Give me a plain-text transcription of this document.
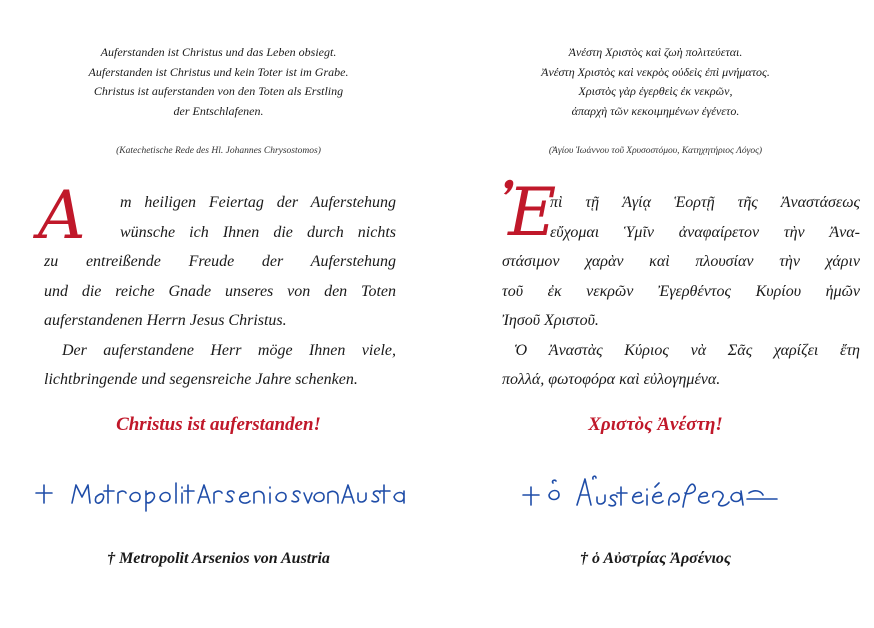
Auferstanden ist Christus und das Leben obsiegt.
Auferstanden ist Christus und kein Toter ist im Grabe.
Christus ist auferstanden von den Toten als Erstling
der Entschlafenen.
(Katechetische Rede des Hl. Johannes Chrysostomos)
A	m heiligen Feiertag der Auferstehung
wünsche ich Ihnen die durch nichts
zu entreißende Freude der Auferstehung
und die reiche Gnade unseres von den Toten
auferstandenen Herrn Jesus Christus.
Der auferstandene Herr möge Ihnen viele,
lichtbringende und segensreiche Jahre schenken.
Christus ist auferstanden!
† Metropolit Arsenios von Austria
Ἀνέστη Χριστὸς καὶ ζωὴ πολιτεύεται.
Ἀνέστη Χριστὸς καὶ νεκρὸς οὐδεὶς ἐπὶ μνήματος.
Χριστὸς γὰρ ἐγερθεὶς ἐκ νεκρῶν,
ἀπαρχὴ τῶν κεκοιμημένων ἐγένετο.
(Ἁγίου Ἰωάννου τοῦ Χρυσοστόμου, Κατηχητήριος Λόγος)
Ἐ
πὶ τῇ Ἁγίᾳ Ἑορτῇ τῆς Ἀναστάσεως
εὔχομαι Ὑμῖν ἀναφαίρετον τὴν Ἀνα-
στάσιμον χαρὰν καὶ πλουσίαν τὴν χάριν
τοῦ ἐκ νεκρῶν Ἐγερθέντος Κυρίου ἡμῶν
Ἰησοῦ Χριστοῦ.
Ὁ Ἀναστὰς Κύριος νὰ Σᾶς χαρίζει ἔτη
πολλά, φωτοφόρα καὶ εὐλογημένα.
Χριστὸς Ἀνέστη!
† ὁ Αὐστρίας Ἀρσένιος
